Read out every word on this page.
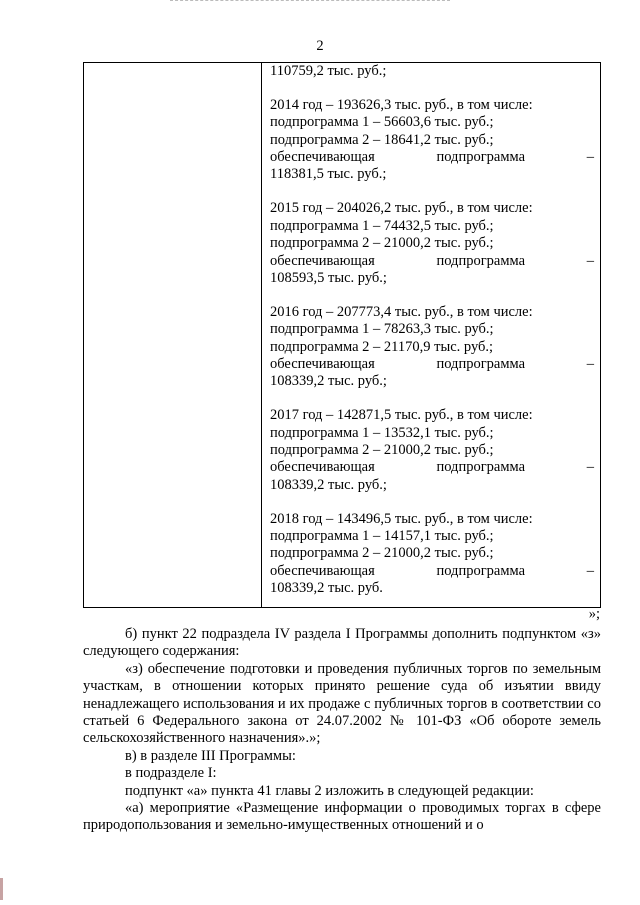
2
110759,2 тыс. руб.;
2014 год – 193626,3 тыс. руб., в том числе:
подпрограмма 1 – 56603,6 тыс. руб.;
подпрограмма 2 – 18641,2 тыс. руб.;
обеспечивающая	подпрограмма	–
118381,5 тыс. руб.;
2015 год – 204026,2 тыс. руб., в том числе:
подпрограмма 1 – 74432,5 тыс. руб.;
подпрограмма 2 – 21000,2 тыс. руб.;
обеспечивающая	подпрограмма	–
108593,5 тыс. руб.;
2016 год – 207773,4 тыс. руб., в том числе:
подпрограмма 1 – 78263,3 тыс. руб.;
подпрограмма 2 – 21170,9 тыс. руб.;
обеспечивающая	подпрограмма	–
108339,2 тыс. руб.;
2017 год – 142871,5 тыс. руб., в том числе:
подпрограмма 1 – 13532,1 тыс. руб.;
подпрограмма 2 – 21000,2 тыс. руб.;
обеспечивающая	подпрограмма	–
108339,2 тыс. руб.;
2018 год – 143496,5 тыс. руб., в том числе:
подпрограмма 1 – 14157,1 тыс. руб.;
подпрограмма 2 – 21000,2 тыс. руб.;
обеспечивающая	подпрограмма	–
108339,2 тыс. руб.
»;
б) пункт 22 подраздела IV раздела I Программы дополнить подпунктом «з» следующего содержания:
«з) обеспечение подготовки и проведения публичных торгов по земельным участкам, в отношении которых принято решение суда об изъятии ввиду ненадлежащего использования и их продаже с публичных торгов в соответствии со статьей 6 Федерального закона от 24.07.2002 № 101-ФЗ «Об обороте земель сельскохозяйственного назначения».»;
в) в разделе III Программы:
в подразделе I:
подпункт «а» пункта 41 главы 2 изложить в следующей редакции:
«а) мероприятие «Размещение информации о проводимых торгах в сфере природопользования и земельно-имущественных отношений и о
